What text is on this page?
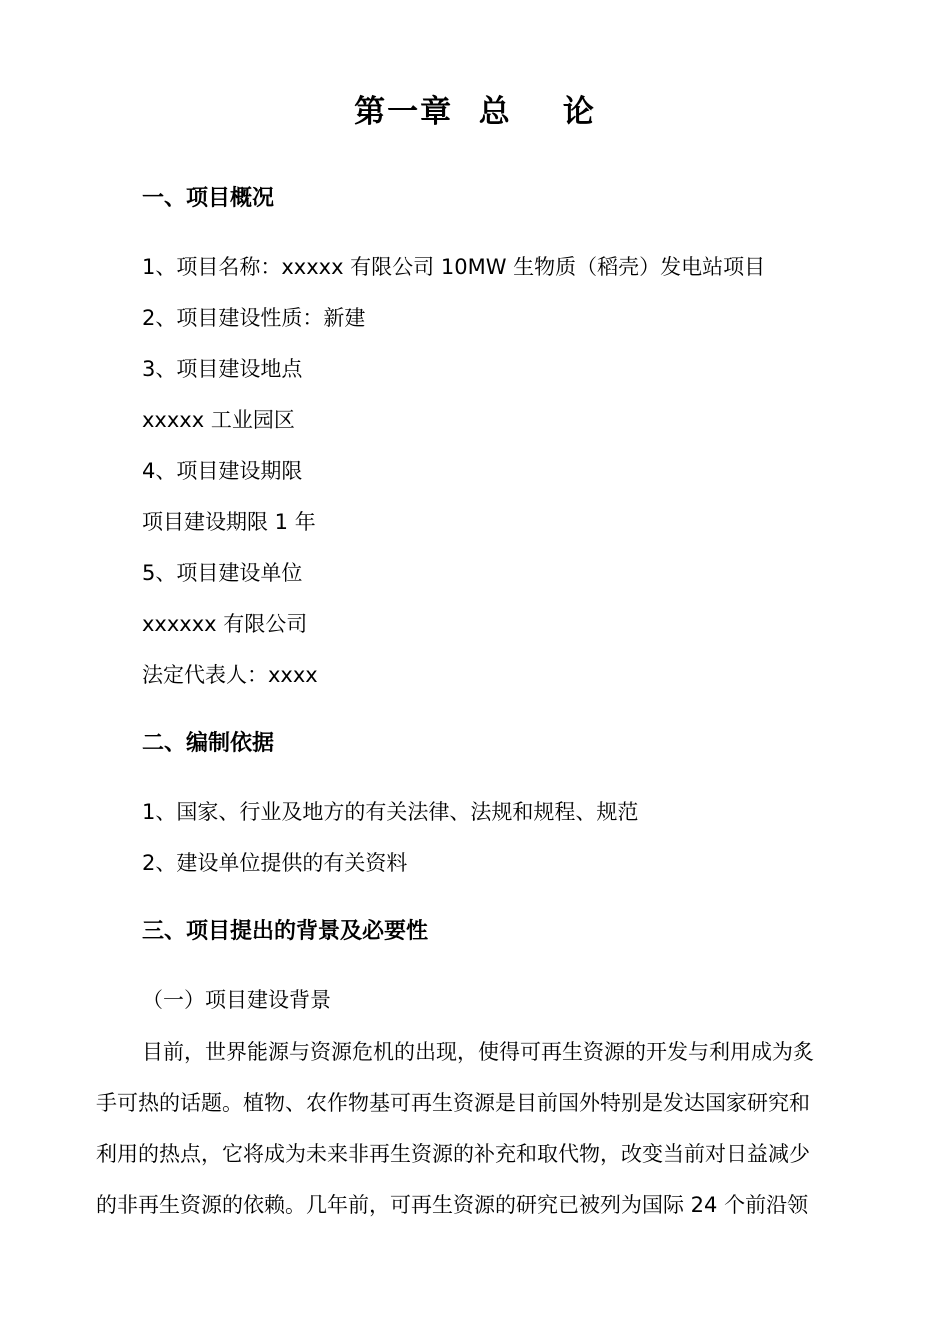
第一章  总    论
一、项目概况
1、项目名称：xxxxx 有限公司 10MW 生物质（稻壳）发电站项目
2、项目建设性质：新建
3、项目建设地点
xxxxx 工业园区
4、项目建设期限
项目建设期限 1 年
5、项目建设单位
xxxxxx 有限公司
法定代表人：xxxx
二、编制依据
1、国家、行业及地方的有关法律、法规和规程、规范
2、建设单位提供的有关资料
三、项目提出的背景及必要性
（一）项目建设背景
目前，世界能源与资源危机的出现，使得可再生资源的开发与利用成为炙
手可热的话题。植物、农作物基可再生资源是目前国外特别是发达国家研究和
利用的热点，它将成为未来非再生资源的补充和取代物，改变当前对日益减少
的非再生资源的依赖。几年前，可再生资源的研究已被列为国际 24 个前沿领
